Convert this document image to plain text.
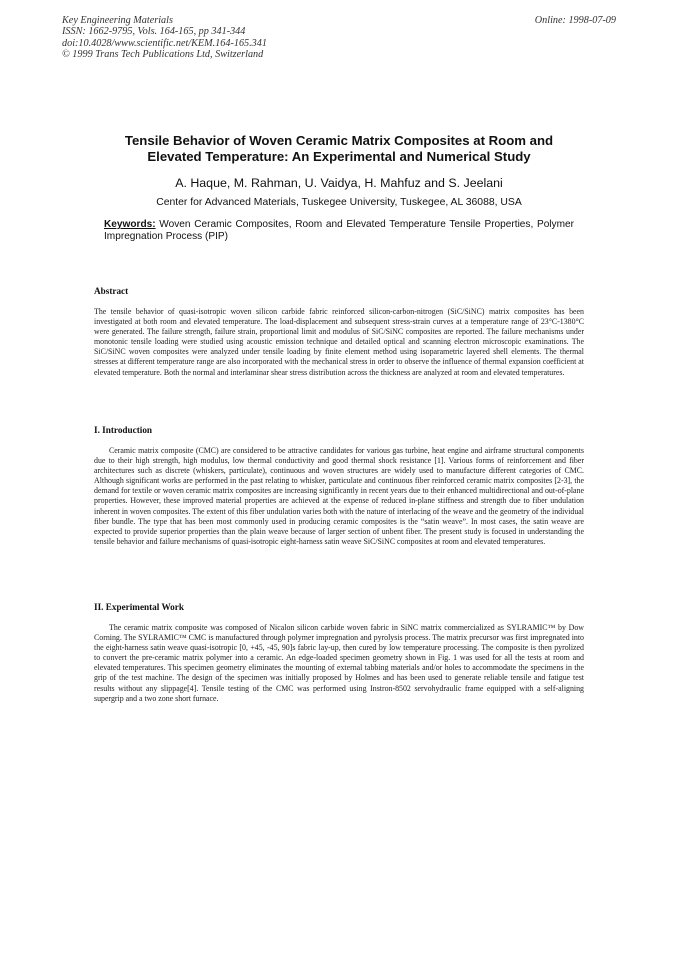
Key Engineering Materials
ISSN: 1662-9795, Vols. 164-165, pp 341-344
doi:10.4028/www.scientific.net/KEM.164-165.341
© 1999 Trans Tech Publications Ltd, Switzerland
Online: 1998-07-09
Tensile Behavior of Woven Ceramic Matrix Composites at Room and
Elevated Temperature: An Experimental and Numerical Study
A. Haque, M. Rahman, U. Vaidya, H. Mahfuz and S. Jeelani
Center for Advanced Materials, Tuskegee University, Tuskegee, AL 36088, USA
Keywords: Woven Ceramic Composites, Room and Elevated Temperature Tensile Properties, Polymer Impregnation Process (PIP)
Abstract

The tensile behavior of quasi-isotropic woven silicon carbide fabric reinforced silicon-carbon-nitrogen (SiC/SiNC) matrix composites has been investigated at both room and elevated temperature. The load-displacement and subsequent stress-strain curves at a temperature range of 23°C-1380°C were generated. The failure strength, failure strain, proportional limit and modulus of SiC/SiNC composites are reported. The failure mechanisms under monotonic tensile loading were studied using acoustic emission technique and detailed optical and scanning electron microscopic examinations. The SiC/SiNC woven composites were analyzed under tensile loading by finite element method using isoparametric layered shell elements. The thermal stresses at different temperature range are also incorporated with the mechanical stress in order to observe the influence of thermal expansion coefficient at elevated temperature. Both the normal and interlaminar shear stress distribution across the thickness are analyzed at room and elevated temperatures.

I. Introduction

Ceramic matrix composite (CMC) are considered to be attractive candidates for various gas turbine, heat engine and airframe structural components due to their high strength, high modulus, low thermal conductivity and good thermal shock resistance [1]. Various forms of reinforcement and fiber architectures such as discrete (whiskers, particulate), continuous and woven structures are widely used to manufacture different categories of CMC. Although significant works are performed in the past relating to whisker, particulate and continuous fiber reinforced ceramic matrix composites [2-3], the demand for textile or woven ceramic matrix composites are increasing significantly in recent years due to their enhanced multidirectional and out-of-plane properties. However, these improved material properties are achieved at the expense of reduced in-plane stiffness and strength due to fiber undulation inherent in woven composites. The extent of this fiber undulation varies both with the nature of interlacing of the weave and the geometry of the individual fiber bundle. The type that has been most commonly used in producing ceramic composites is the “satin weave”. In most cases, the satin weave are expected to provide superior properties than the plain weave because of larger section of unbent fiber. The present study is focused in understanding the tensile behavior and failure mechanisms of quasi-isotropic eight-harness satin weave SiC/SiNC composites at room and elevated temperatures.

II. Experimental Work

The ceramic matrix composite was composed of Nicalon silicon carbide woven fabric in SiNC matrix commercialized as SYLRAMIC™ by Dow Corning. The SYLRAMIC™ CMC is manufactured through polymer impregnation and pyrolysis process. The matrix precursor was first impregnated into the eight-harness satin weave quasi-isotropic [0, +45, -45, 90]s fabric lay-up, then cured by low temperature processing. The composite is then pyrolized to convert the pre-ceramic matrix polymer into a ceramic. An edge-loaded specimen geometry shown in Fig. 1 was used for all the tests at room and elevated temperatures. This specimen geometry eliminates the mounting of external tabbing materials and/or holes to accommodate the specimens in the grip of the test machine. The design of the specimen was initially proposed by Holmes and has been used to generate reliable tensile and fatigue test results without any slippage[4]. Tensile testing of the CMC was performed using Instron-8502 servohydraulic frame equipped with a self-aligning supergrip and a two zone short furnace.
